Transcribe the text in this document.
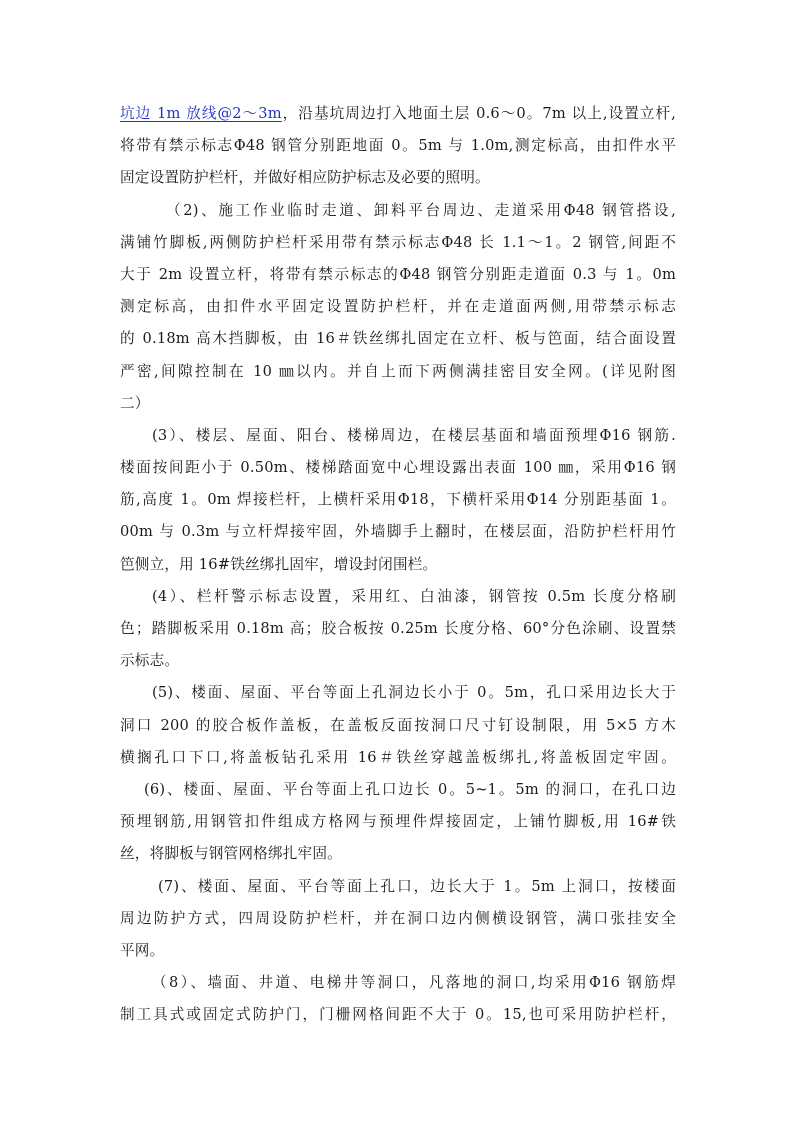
坑边 1m 放线@2～3m，沿基坑周边打入地面土层 0.6～0。7m 以上,设置立杆,
将带有禁示标志Φ48 钢管分别距地面 0。5m 与 1.0m,测定标高，由扣件水平
固定设置防护栏杆，并做好相应防护标志及必要的照明。
（2)、施工作业临时走道、卸料平台周边、走道采用Φ48 钢管搭设,
满铺竹脚板,两侧防护栏杆采用带有禁示标志Φ48 长 1.1～1。2 钢管,间距不
大于 2m 设置立杆，将带有禁示标志的Φ48 钢管分别距走道面 0.3 与 1。0m
测定标高，由扣件水平固定设置防护栏杆，并在走道面两侧,用带禁示标志
的 0.18m 高木挡脚板，由 16＃铁丝绑扎固定在立杆、板与笆面，结合面设置
严密,间隙控制在 10 ㎜以内。并自上而下两侧满挂密目安全网。(详见附图
二）
(3）、楼层、屋面、阳台、楼梯周边，在楼层基面和墙面预埋Φ16 钢筋.
楼面按间距小于 0.50m、楼梯踏面宽中心埋设露出表面 100 ㎜，采用Φ16 钢
筋,高度 1。0m 焊接栏杆，上横杆采用Φ18，下横杆采用Φ14 分别距基面 1。
00m 与 0.3m 与立杆焊接牢固，外墙脚手上翻时，在楼层面，沿防护栏杆用竹
笆侧立，用 16#铁丝绑扎固牢，增设封闭围栏。
(4）、栏杆警示标志设置，采用红、白油漆，钢管按 0.5m 长度分格刷
色；踏脚板采用 0.18m 高；胶合板按 0.25m 长度分格、60°分色涂刷、设置禁
示标志。
(5)、楼面、屋面、平台等面上孔洞边长小于 0。5m，孔口采用边长大于
洞口 200 的胶合板作盖板，在盖板反面按洞口尺寸钉设制限，用 5×5 方木
横搁孔口下口,将盖板钻孔采用 16＃铁丝穿越盖板绑扎,将盖板固定牢固。
(6)、楼面、屋面、平台等面上孔口边长 0。5~1。5m 的洞口，在孔口边
预埋钢筋,用钢管扣件组成方格网与预埋件焊接固定，上铺竹脚板,用 16#铁
丝，将脚板与钢管网格绑扎牢固。
(7)、楼面、屋面、平台等面上孔口，边长大于 1。5m 上洞口，按楼面
周边防护方式，四周设防护栏杆，并在洞口边内侧横设钢管，满口张挂安全
平网。
（8）、墙面、井道、电梯井等洞口，凡落地的洞口,均采用Φ16 钢筋焊
制工具式或固定式防护门，门栅网格间距不大于 0。15,也可采用防护栏杆，
